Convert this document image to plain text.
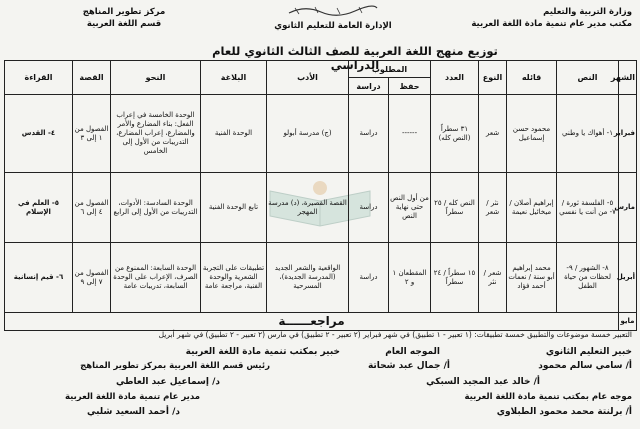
وزارة التربية والتعليم
مكتب مدير عام تنمية مادة اللغة العربية
الإدارة العامة للتعليم الثانوي
مركز تطوير المناهج
قسم اللغة العربية
توزيع منهج اللغة العربية للصف الثالث الثانوي للعام الدراسي
الشهر	النص	قائله	النوع	العدد	المطلوب		الأدب	البلاغة	النحو	القصة	القراءة
					حفظ	دراسة					
فبراير	١- أهواك يا وطني	محمود حسن إسماعيل	شعر	٣١ سطراً (النص كله)	------	دراسة	(ج) مدرسة أبولو	الوحدة الفنية	الوحدة الخامسة في إعراب الفعل: بناء المضارع والأمر والمضارع، إعراب المضارع، التدريبات من الأول إلى الخامس	الفصول من ١ إلى ٣	٤- القدس
مارس	٥- الفلسفة ثورة / ٧- من أنت يا نفسي	إبراهيم أصلان / ميخائيل نعيمة	نثر / شعر	النص كله / ٢٥ سطراً	من أول النص حتى نهاية النص	دراسة	القصة القصيرة، (د) مدرسة المهجر	تابع الوحدة الفنية	الوحدة السادسة: الأدوات، التدريبات من الأول إلى الرابع	الفصول من ٤ إلى ٦	٥- العلم في الإسلام
أبريل	٨- الشهور / ٩- لحظات من حياة الطفل	محمد إبراهيم أبو سنة / نعمات أحمد فؤاد	شعر / نثر	١٥ سطراً / ٢٤ سطراً	المقطعان ١ و ٢	دراسة	الواقعية والشعر الجديد (المدرسة الجديدة)، المسرحية	تطبيقات على التجربة الشعرية والوحدة الفنية، مراجعة عامة	الوحدة السابعة: الممنوع من الصرف، الإعراب على الوحدة السابعة، تدريبات عامة	الفصول من ٧ إلى ٩	٦- قيم إنسانية
مايو	مراجعــــــة										
التعبير خمسة موضوعات والتطبيق خمسة تطبيقات: (١ تعبير - ١ تطبيق) في شهر فبراير (٢ تعبير - ٢ تطبيق) في مارس (٢ تعبير - ٢ تطبيق) في شهر أبريل
خبير التعليم الثانوي
الموجه العام
خبير بمكتب تنمية مادة اللغة العربية
أ/ سامي سالم محمود
أ/ جمال عبد شحاتة
رئيس قسم اللغة العربية بمركز تطوير المناهج
أ/ خالد عبد المجيد السبكي
د/ إسماعيل عبد العاطي
موجه عام بمكتب تنمية مادة اللغة العربية
مدير عام تنمية مادة اللغة العربية
أ/ برلنتة محمد محمود الطبلاوي
د/ أحمد السعيد شلبي
